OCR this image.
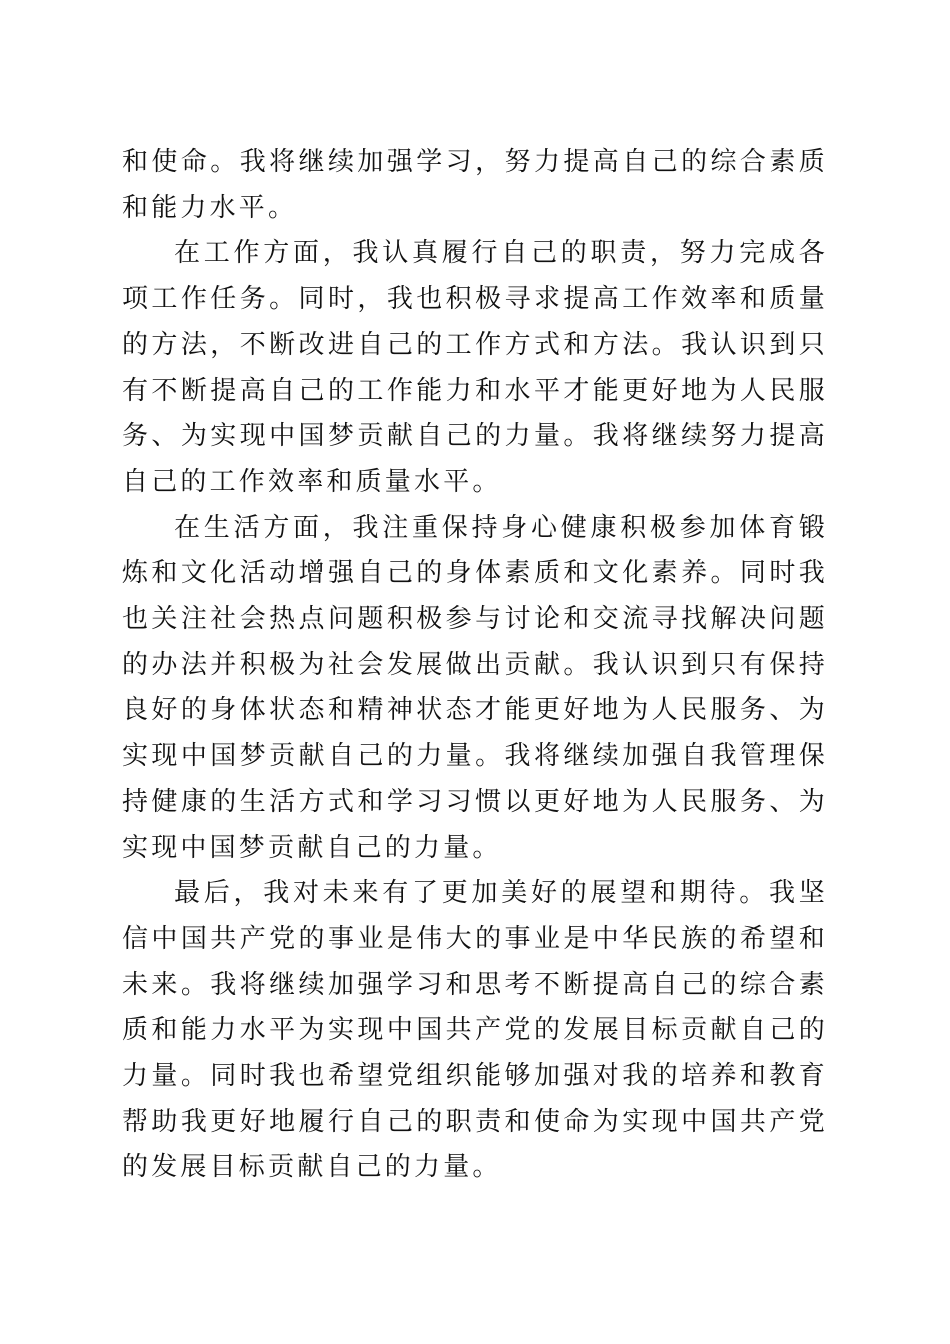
和使命。我将继续加强学习，努力提高自己的综合素质和能力水平。

在工作方面，我认真履行自己的职责，努力完成各项工作任务。同时，我也积极寻求提高工作效率和质量的方法，不断改进自己的工作方式和方法。我认识到只有不断提高自己的工作能力和水平才能更好地为人民服务、为实现中国梦贡献自己的力量。我将继续努力提高自己的工作效率和质量水平。

在生活方面，我注重保持身心健康积极参加体育锻炼和文化活动增强自己的身体素质和文化素养。同时我也关注社会热点问题积极参与讨论和交流寻找解决问题的办法并积极为社会发展做出贡献。我认识到只有保持良好的身体状态和精神状态才能更好地为人民服务、为实现中国梦贡献自己的力量。我将继续加强自我管理保持健康的生活方式和学习习惯以更好地为人民服务、为实现中国梦贡献自己的力量。

最后，我对未来有了更加美好的展望和期待。我坚信中国共产党的事业是伟大的事业是中华民族的希望和未来。我将继续加强学习和思考不断提高自己的综合素质和能力水平为实现中国共产党的发展目标贡献自己的力量。同时我也希望党组织能够加强对我的培养和教育帮助我更好地履行自己的职责和使命为实现中国共产党的发展目标贡献自己的力量。
